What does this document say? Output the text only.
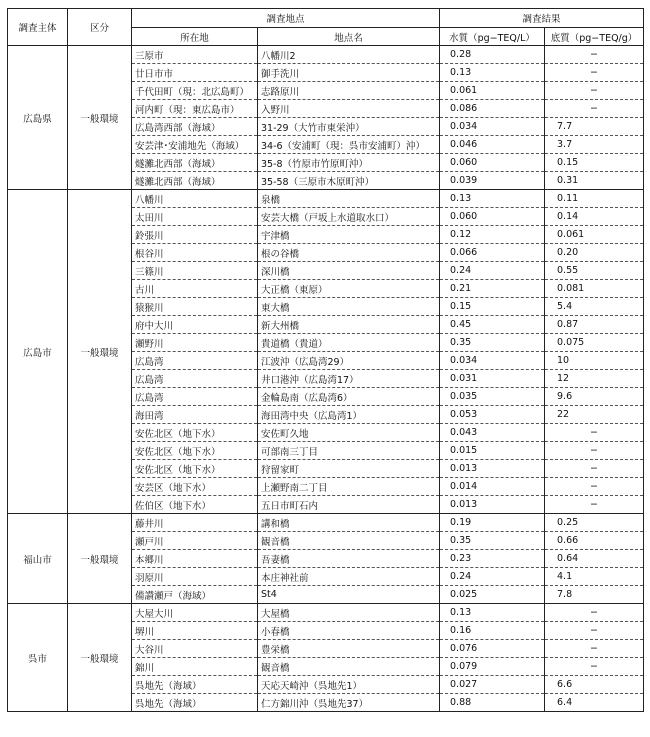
調査主体	区分	調査地点		調査結果	
		所在地	地点名	水質（pg−TEQ/L）	底質（pg−TEQ/g）
広島県	一般環境	三原市	八幡川2	0.28	−
		廿日市市	御手洗川	0.13	−
		千代田町（現：北広島町）	志路原川	0.061	−
		河内町（現：東広島市）	入野川	0.086	−
		広島湾西部（海域）	31-29（大竹市東栄沖）	0.034	7.7
		安芸津･安浦地先（海域）	34-6（安浦町（現：呉市安浦町）沖）	0.046	3.7
		燧灘北西部（海域）	35-8（竹原市竹原町沖）	0.060	0.15
		燧灘北西部（海域）	35-58（三原市木原町沖）	0.039	0.31
広島市	一般環境	八幡川	泉橋	0.13	0.11
		太田川	安芸大橋（戸坂上水道取水口）	0.060	0.14
		鈴張川	宇津橋	0.12	0.061
		根谷川	根の谷橋	0.066	0.20
		三篠川	深川橋	0.24	0.55
		古川	大正橋（東原）	0.21	0.081
		猿猴川	東大橋	0.15	5.4
		府中大川	新大州橋	0.45	0.87
		瀬野川	貴道橋（貴道）	0.35	0.075
		広島湾	江波沖（広島湾29）	0.034	10
		広島湾	井口港沖（広島湾17）	0.031	12
		広島湾	金輪島南（広島湾6）	0.035	9.6
		海田湾	海田湾中央（広島湾1）	0.053	22
		安佐北区（地下水）	安佐町久地	0.043	−
		安佐北区（地下水）	可部南三丁目	0.015	−
		安佐北区（地下水）	狩留家町	0.013	−
		安芸区（地下水）	上瀬野南二丁目	0.014	−
		佐伯区（地下水）	五日市町石内	0.013	−
福山市	一般環境	藤井川	講和橋	0.19	0.25
		瀬戸川	観音橋	0.35	0.66
		本郷川	吾妻橋	0.23	0.64
		羽原川	本庄神社前	0.24	4.1
		備讃瀬戸（海域）	St4	0.025	7.8
呉市	一般環境	大屋大川	大屋橋	0.13	−
		堺川	小春橋	0.16	−
		大谷川	豊栄橋	0.076	−
		錦川	観音橋	0.079	−
		呉地先（海域）	天応天崎沖（呉地先1）	0.027	6.6
		呉地先（海域）	仁方錦川沖（呉地先37）	0.88	6.4
